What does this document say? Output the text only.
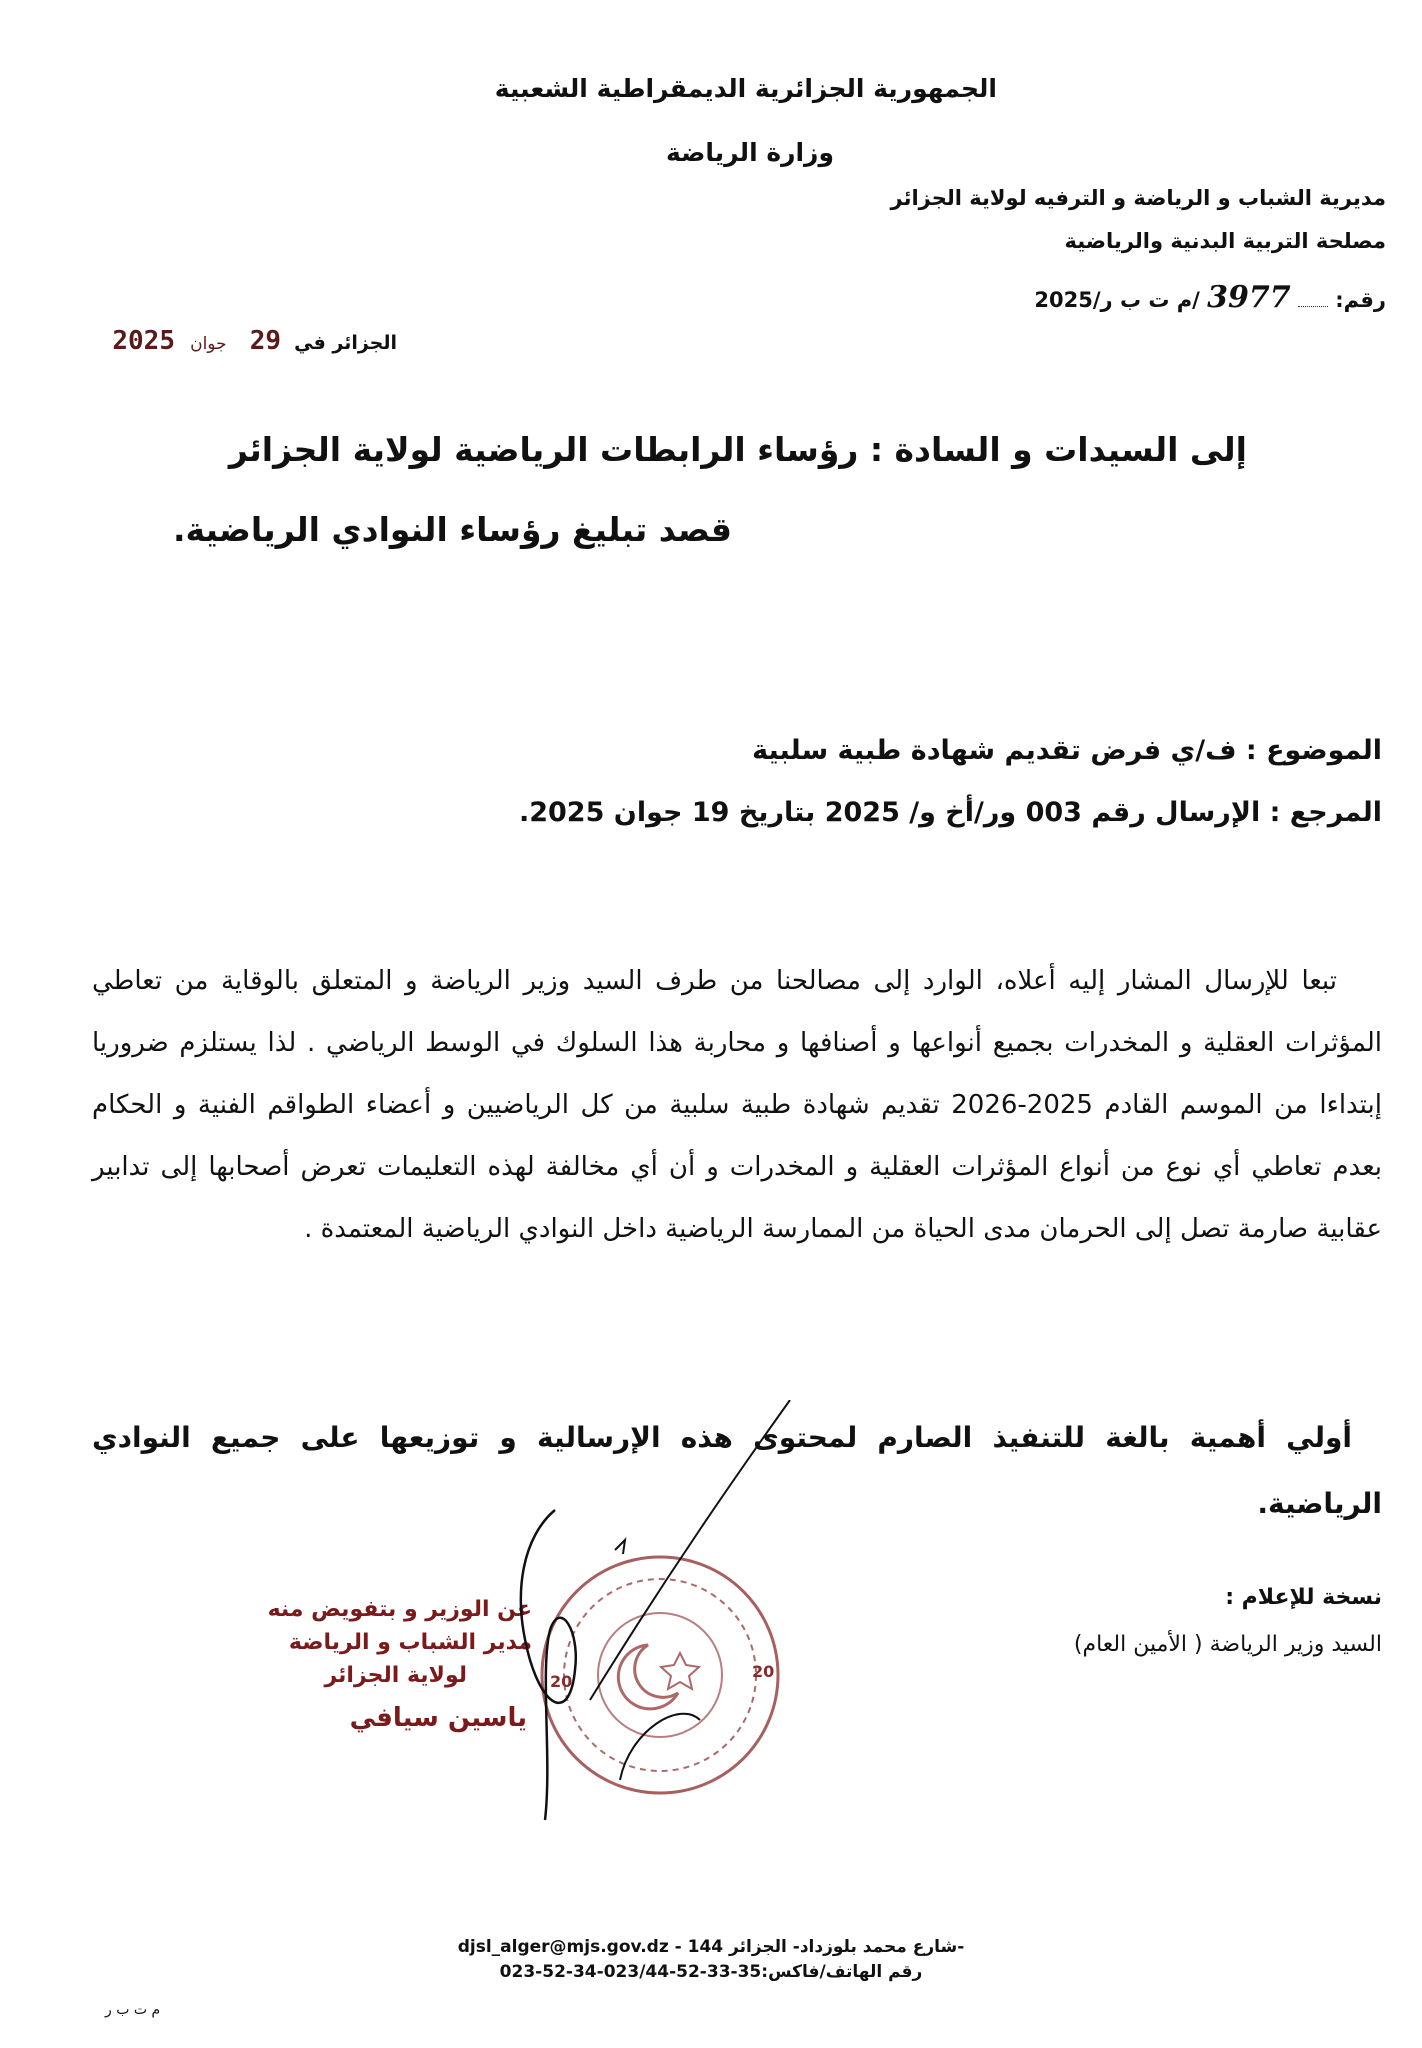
الجمهورية الجزائرية الديمقراطية الشعبية
وزارة الرياضة
مديرية الشباب و الرياضة و الترفيه لولاية الجزائر
مصلحة التربية البدنية والرياضية
رقم:  3977 /م ت ب ر/2025
الجزائر في 29 جوان 2025
إلى السيدات و السادة : رؤساء الرابطات الرياضية لولاية الجزائر
قصد تبليغ رؤساء النوادي الرياضية.
الموضوع : ف/ي فرض تقديم شهادة طبية سلبية
المرجع : الإرسال رقم 003 ور/أخ و/ 2025 بتاريخ 19 جوان 2025.
تبعا للإرسال المشار إليه أعلاه، الوارد إلى مصالحنا من طرف السيد وزير الرياضة و المتعلق بالوقاية من تعاطي المؤثرات العقلية و المخدرات بجميع أنواعها و أصنافها و محاربة هذا السلوك في الوسط الرياضي . لذا يستلزم ضروريا إبتداءا من الموسم القادم 2025-2026 تقديم شهادة طبية سلبية من كل الرياضيين و أعضاء الطواقم الفنية و الحكام بعدم تعاطي أي نوع من أنواع المؤثرات العقلية و المخدرات و أن أي مخالفة لهذه التعليمات تعرض أصحابها إلى تدابير عقابية صارمة تصل إلى الحرمان مدى الحياة من الممارسة الرياضية داخل النوادي الرياضية المعتمدة .
أولي أهمية بالغة للتنفيذ الصارم لمحتوى هذه الإرسالية و توزيعها على جميع النوادي الرياضية.
نسخة للإعلام :
السيد وزير الرياضة ( الأمين العام)
عن الوزير و بتفويض منه
مدير الشباب و الرياضة
لولاية الجزائر
ياسين سيافي
20
20
djsl_alger@mjs.gov.dz - 144 شارع محمد بلوزداد- الجزائر-
رقم الهاتف/فاكس:35-33-52-023/44-34-52-023
م ت ب ر
